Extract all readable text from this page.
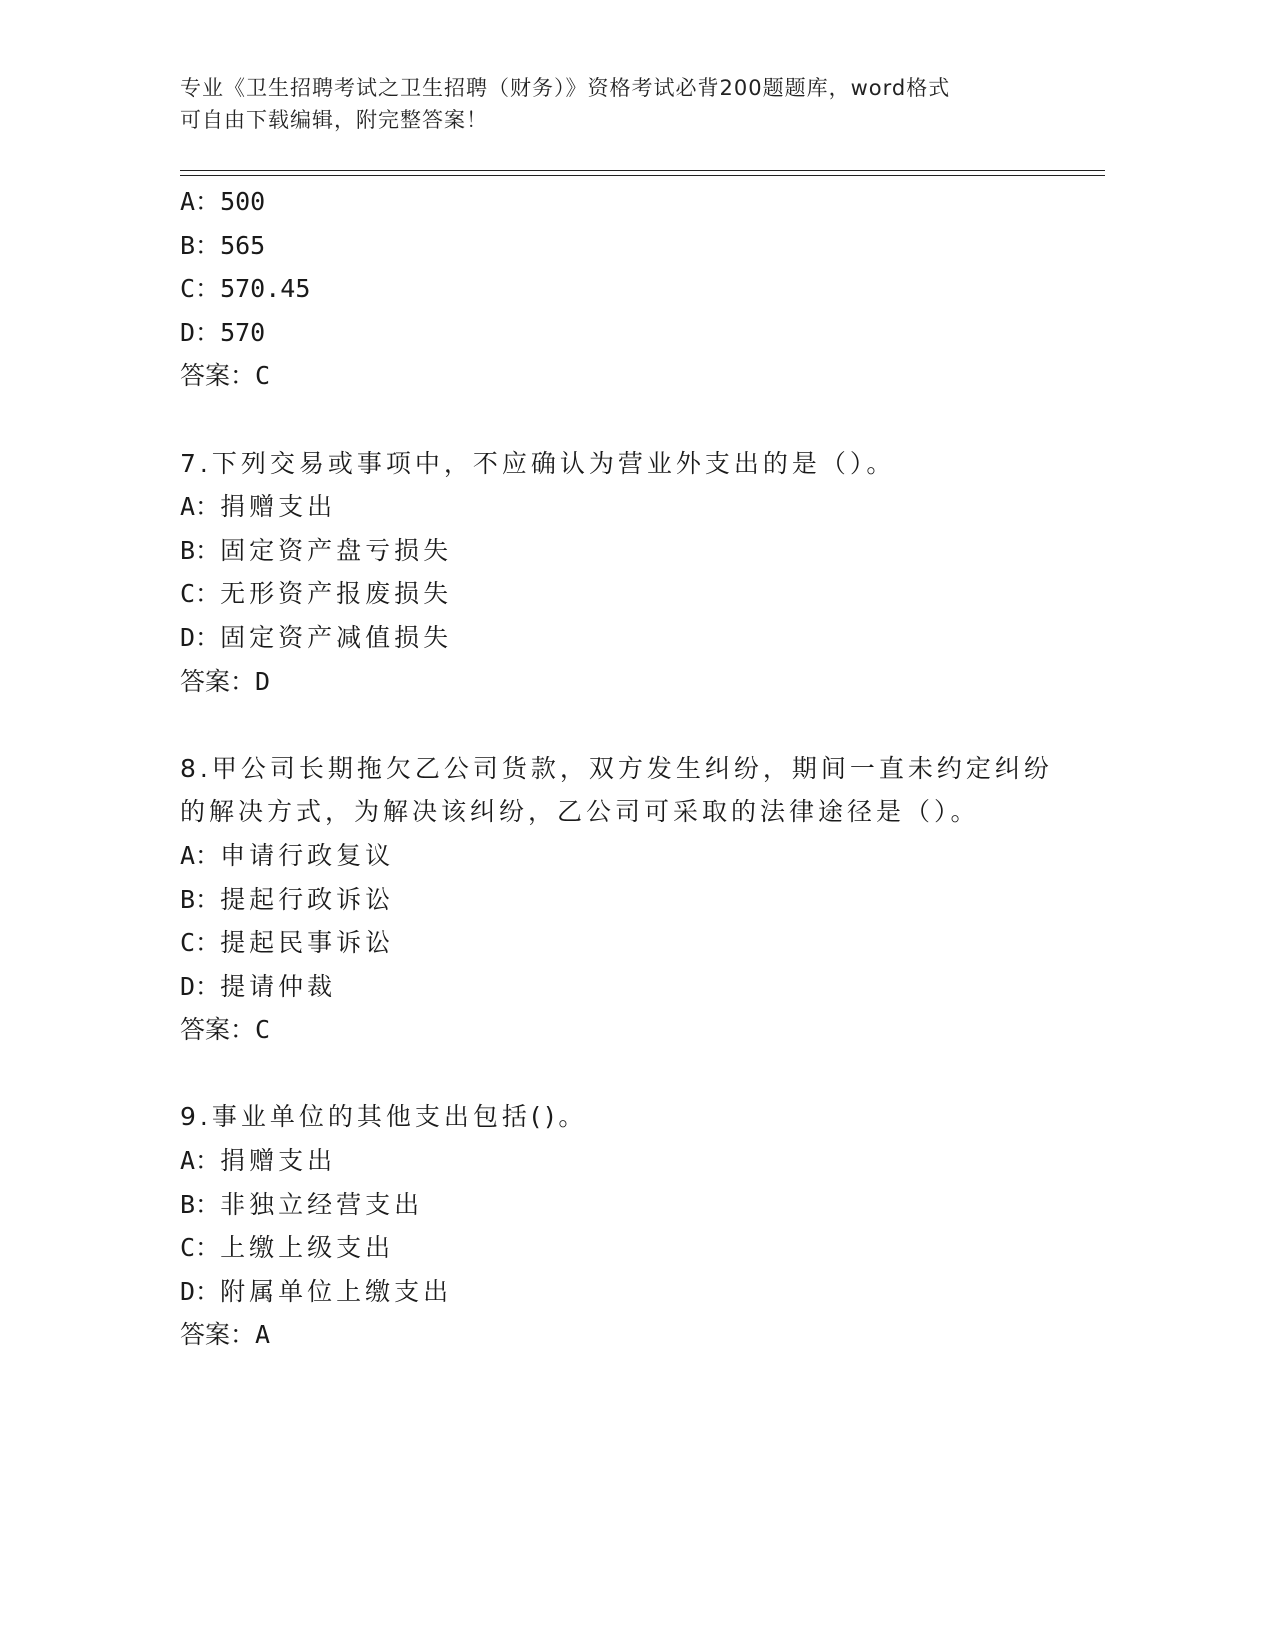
专业《卫生招聘考试之卫生招聘（财务）》资格考试必背200题题库，word格式
可自由下载编辑，附完整答案！
A：500
B：565
C：570.45
D：570
答案：C
7.下列交易或事项中，不应确认为营业外支出的是（）。
A：捐赠支出
B：固定资产盘亏损失
C：无形资产报废损失
D：固定资产减值损失
答案：D
8.甲公司长期拖欠乙公司货款，双方发生纠纷，期间一直未约定纠纷
的解决方式，为解决该纠纷，乙公司可采取的法律途径是（）。
A：申请行政复议
B：提起行政诉讼
C：提起民事诉讼
D：提请仲裁
答案：C
9.事业单位的其他支出包括()。
A：捐赠支出
B：非独立经营支出
C：上缴上级支出
D：附属单位上缴支出
答案：A
